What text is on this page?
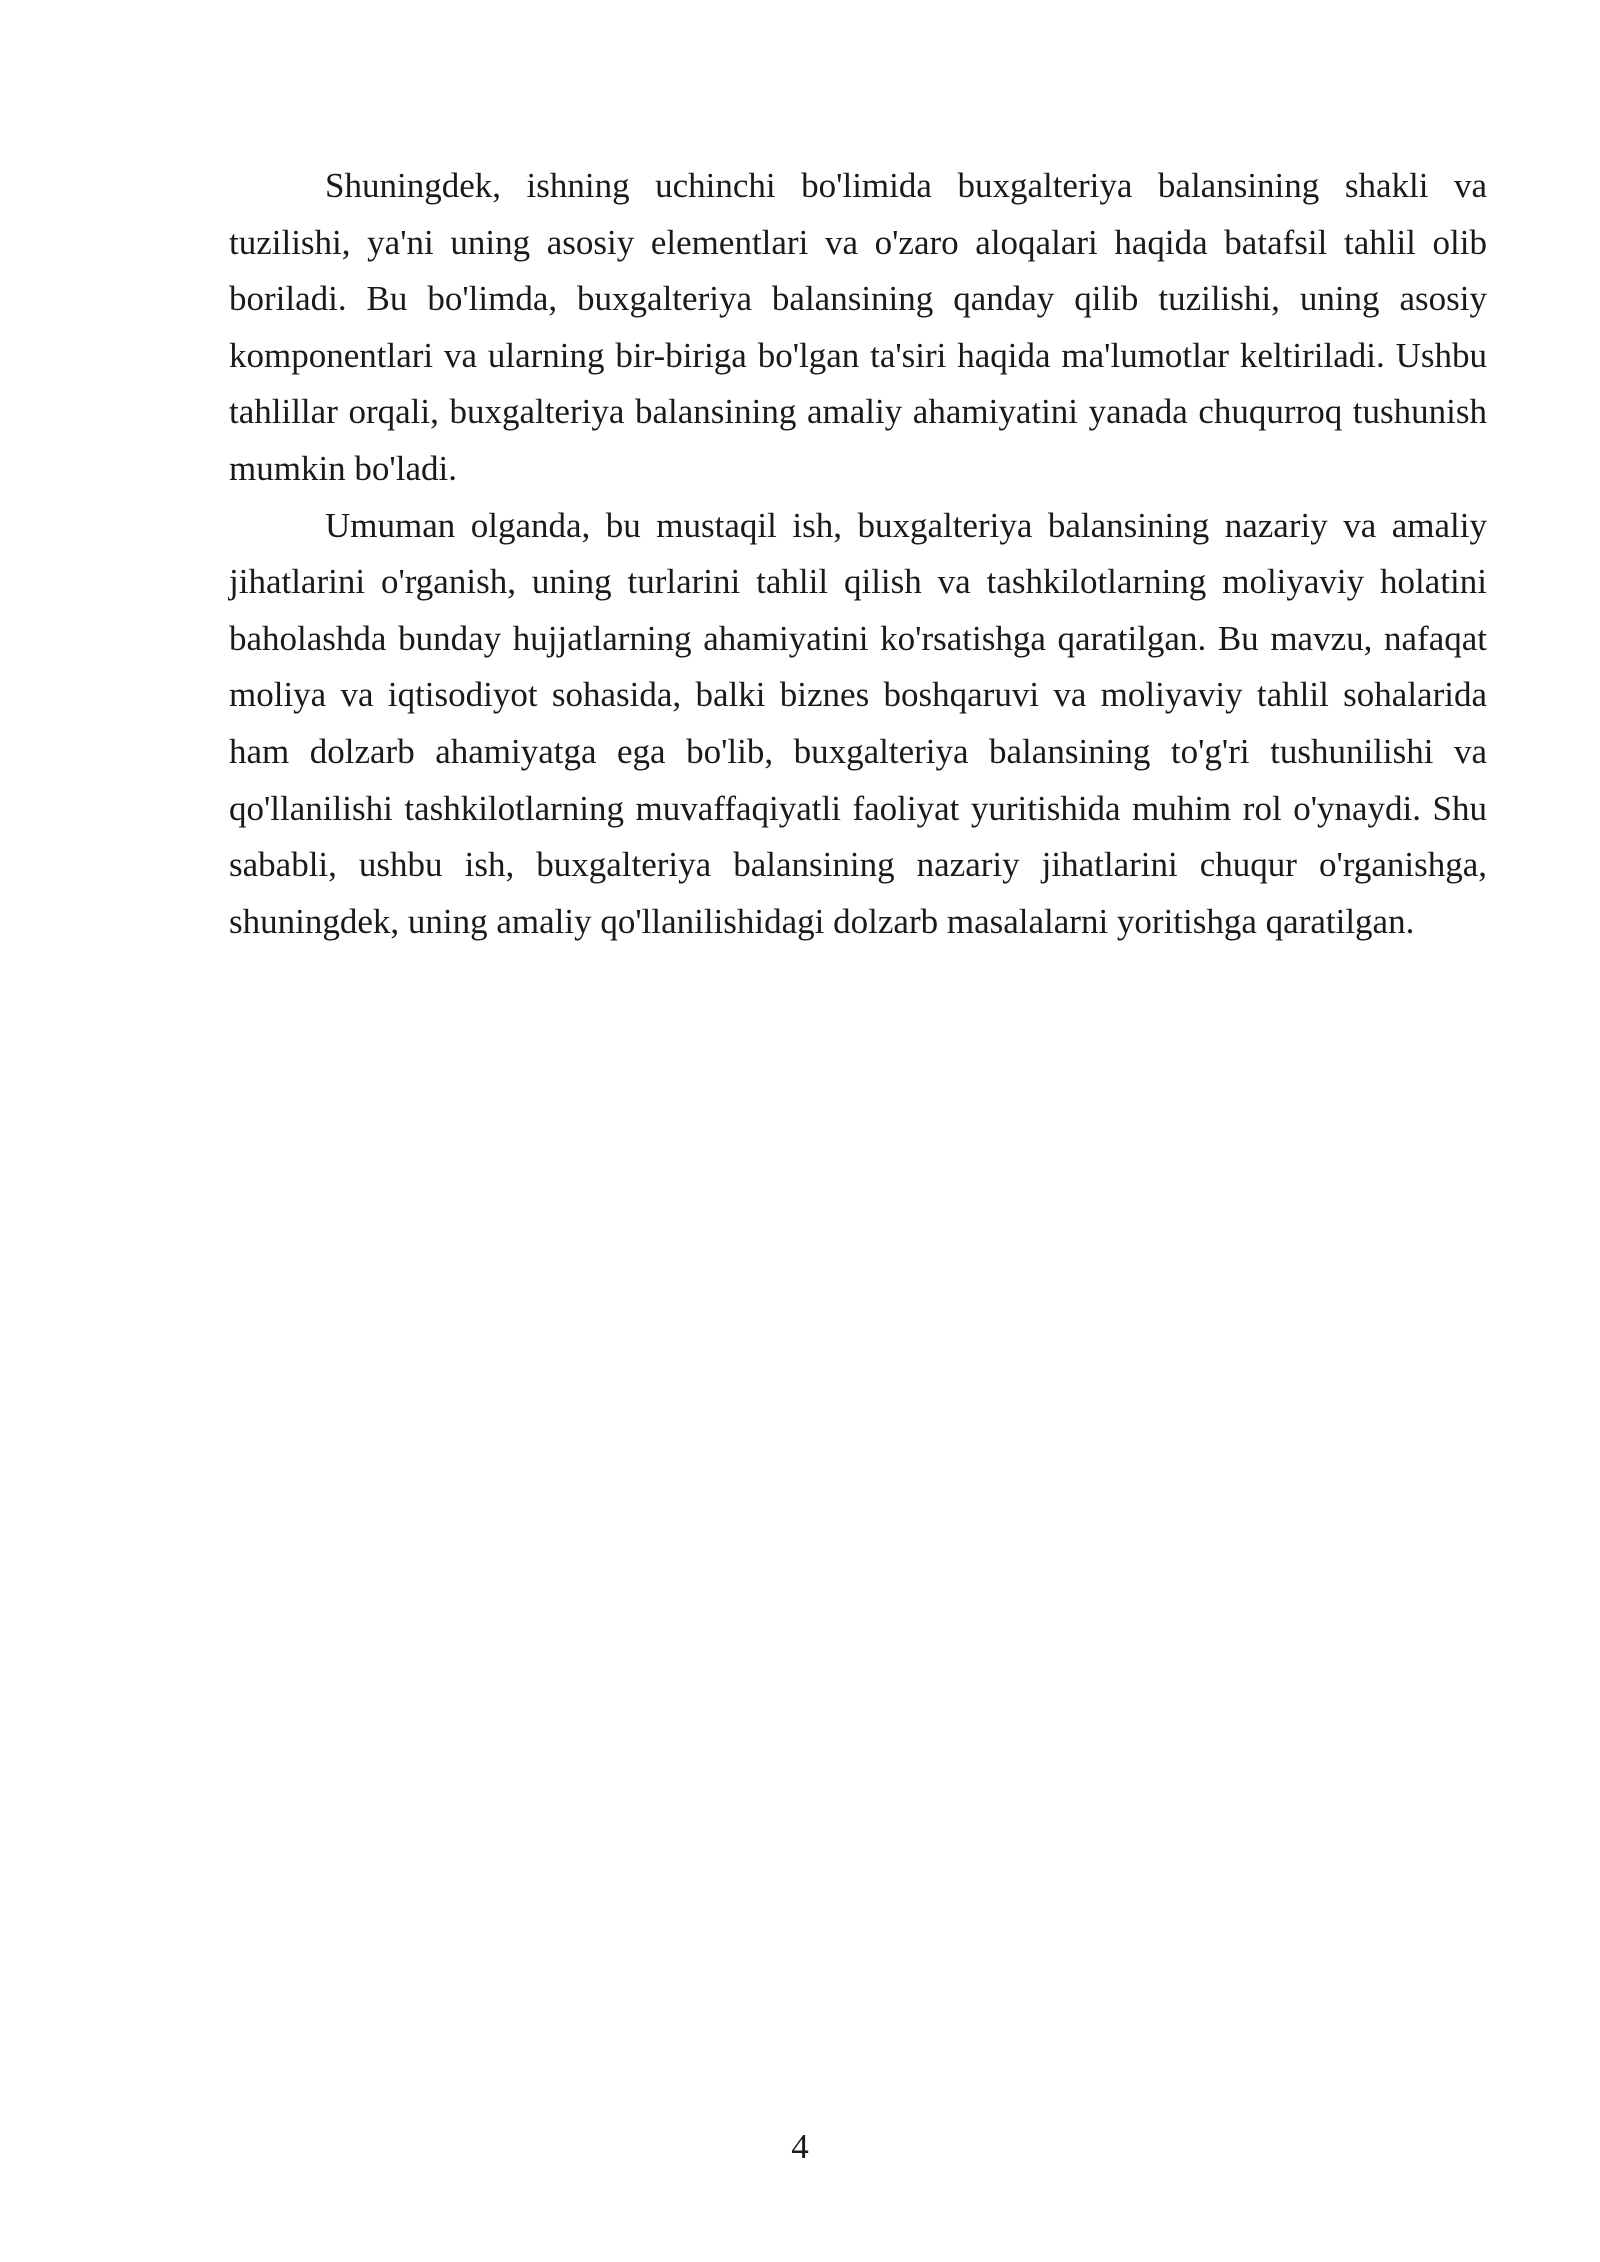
Shuningdek, ishning uchinchi bo'limida buxgalteriya balansining shakli va tuzilishi, ya'ni uning asosiy elementlari va o'zaro aloqalari haqida batafsil tahlil olib boriladi. Bu bo'limda, buxgalteriya balansining qanday qilib tuzilishi, uning asosiy komponentlari va ularning bir-biriga bo'lgan ta'siri haqida ma'lumotlar keltiriladi. Ushbu tahlillar orqali, buxgalteriya balansining amaliy ahamiyatini yanada chuqurroq tushunish mumkin bo'ladi.

Umuman olganda, bu mustaqil ish, buxgalteriya balansining nazariy va amaliy jihatlarini o'rganish, uning turlarini tahlil qilish va tashkilotlarning moliyaviy holatini baholashda bunday hujjatlarning ahamiyatini ko'rsatishga qaratilgan. Bu mavzu, nafaqat moliya va iqtisodiyot sohasida, balki biznes boshqaruvi va moliyaviy tahlil sohalarida ham dolzarb ahamiyatga ega bo'lib, buxgalteriya balansining to'g'ri tushunilishi va qo'llanilishi tashkilotlarning muvaffaqiyatli faoliyat yuritishida muhim rol o'ynaydi. Shu sababli, ushbu ish, buxgalteriya balansining nazariy jihatlarini chuqur o'rganishga, shuningdek, uning amaliy qo'llanilishidagi dolzarb masalalarni yoritishga qaratilgan.

4
